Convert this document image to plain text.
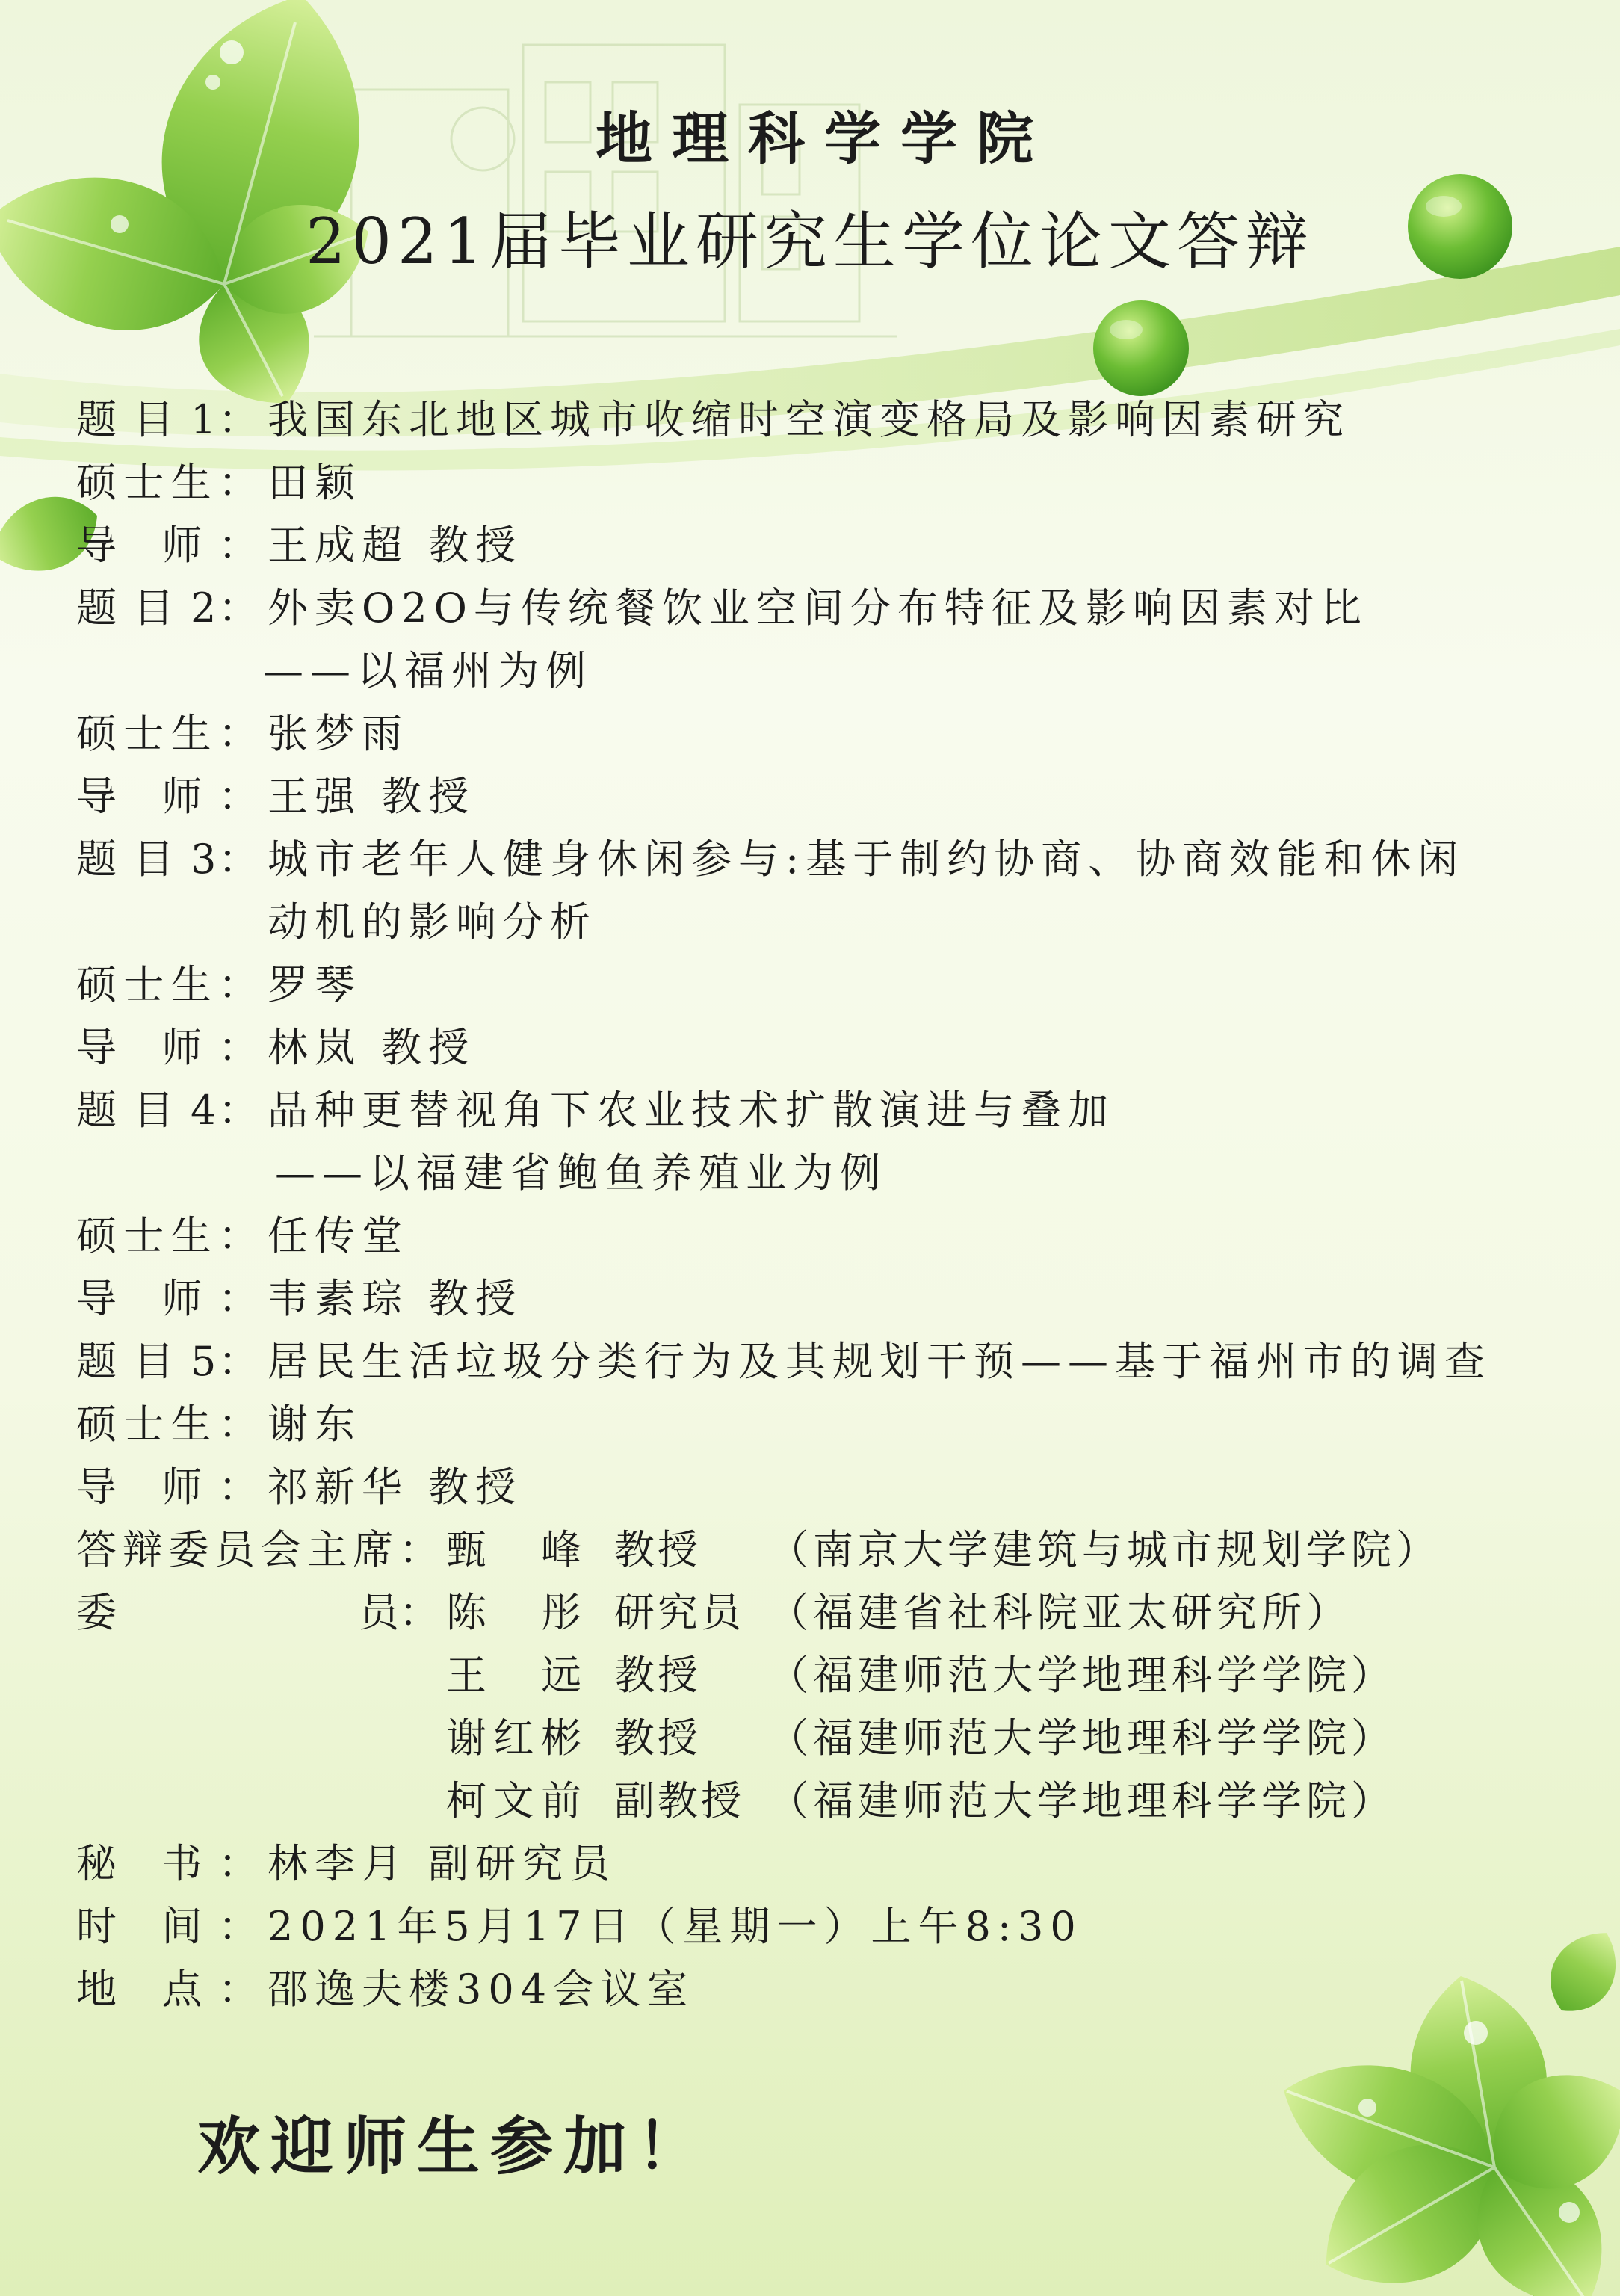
地理科学学院
2021届毕业研究生学位论文答辩
题 目 1： 我国东北地区城市收缩时空演变格局及影响因素研究
硕士生： 田颖
导 师： 王成超 教授
题 目 2： 外卖O2O与传统餐饮业空间分布特征及影响因素对比
——以福州为例
硕士生： 张梦雨
导 师： 王强 教授
题 目 3： 城市老年人健身休闲参与:基于制约协商、协商效能和休闲
动机的影响分析
硕士生： 罗琴
导 师： 林岚 教授
题 目 4： 品种更替视角下农业技术扩散演进与叠加
——以福建省鲍鱼养殖业为例
硕士生： 任传堂
导 师： 韦素琮 教授
题 目 5： 居民生活垃圾分类行为及其规划干预——基于福州市的调查
硕士生： 谢东
导 师： 祁新华 教授
答辩委员会主席： 甄 峰 教授 （南京大学建筑与城市规划学院）
委	员： 陈 彤 研究员 （福建省社科院亚太研究所）
王 远 教授 （福建师范大学地理科学学院）
谢红彬 教授 （福建师范大学地理科学学院）
柯文前 副教授 （福建师范大学地理科学学院）
秘 书： 林李月 副研究员
时 间： 2021年5月17日（星期一）上午8:30
地 点： 邵逸夫楼304会议室
欢迎师生参加！
